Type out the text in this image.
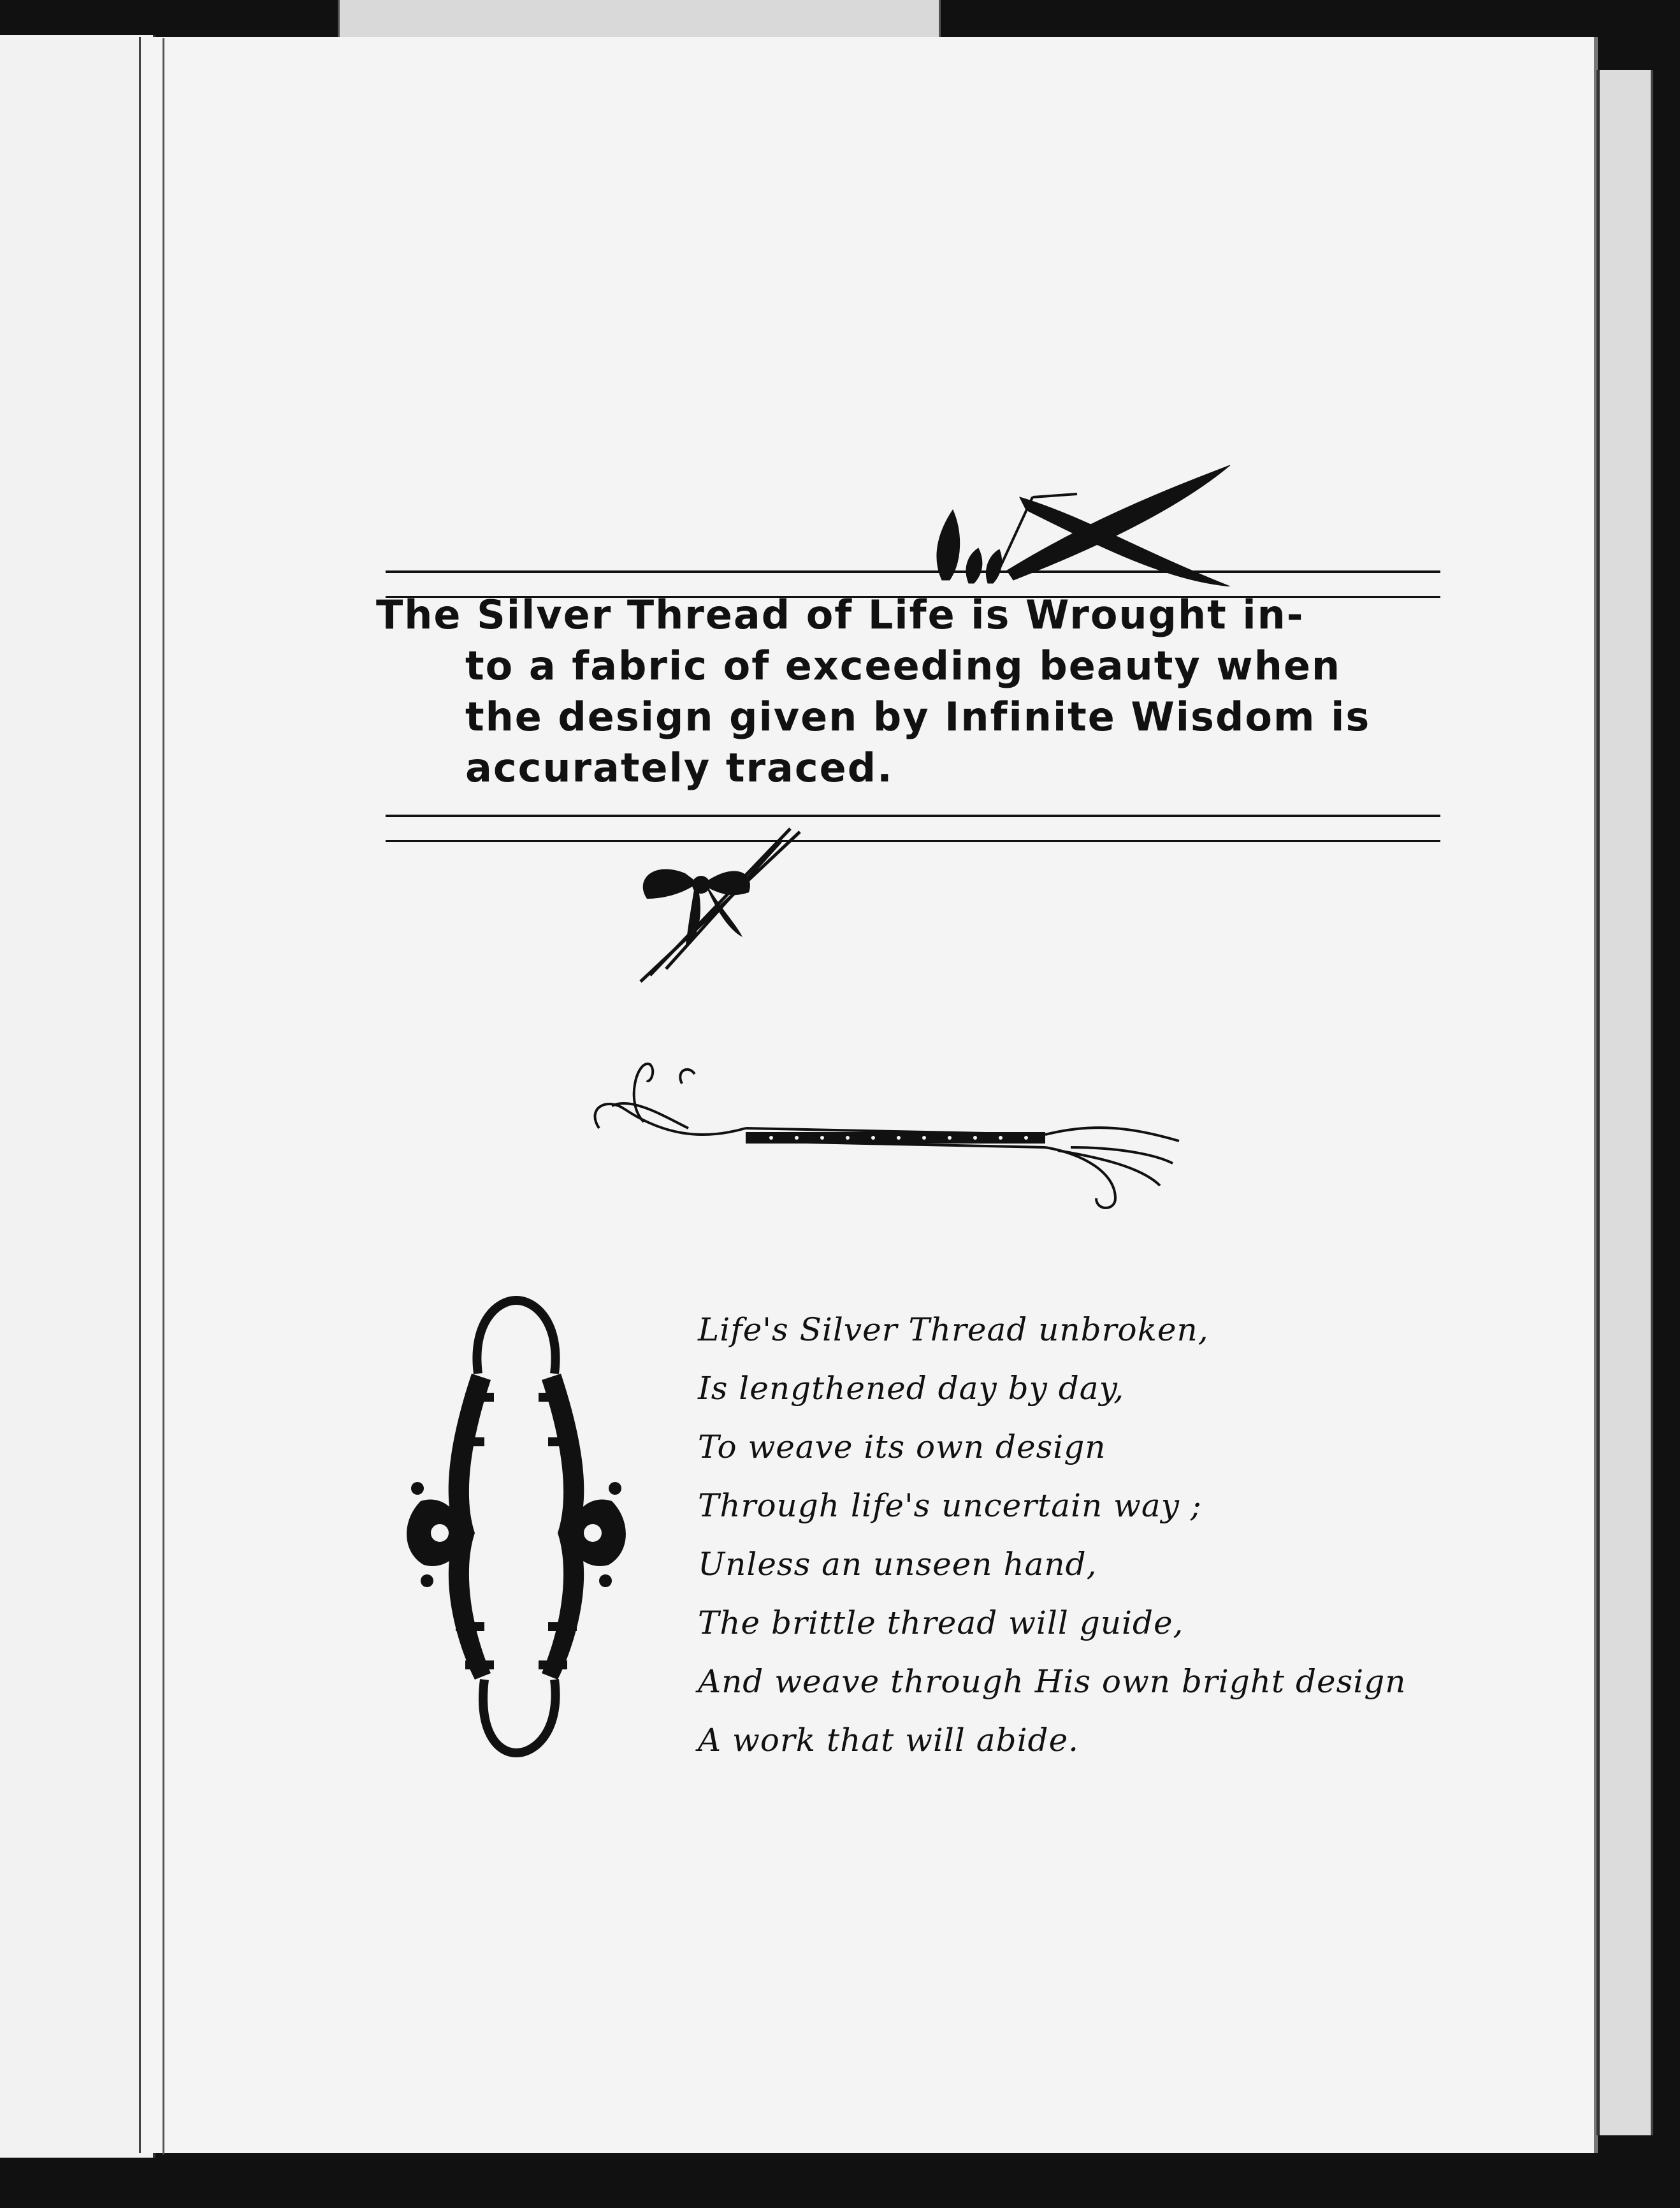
The Silver Thread of Life is Wrought in-
to a fabric of exceeding beauty when
the design given by Infinite Wisdom is
accurately traced.
Life's Silver Thread unbroken,
Is lengthened day by day,
To weave its own design
Through life's uncertain way ;
Unless an unseen hand,
The brittle thread will guide,
And weave through His own bright design
A work that will abide.
